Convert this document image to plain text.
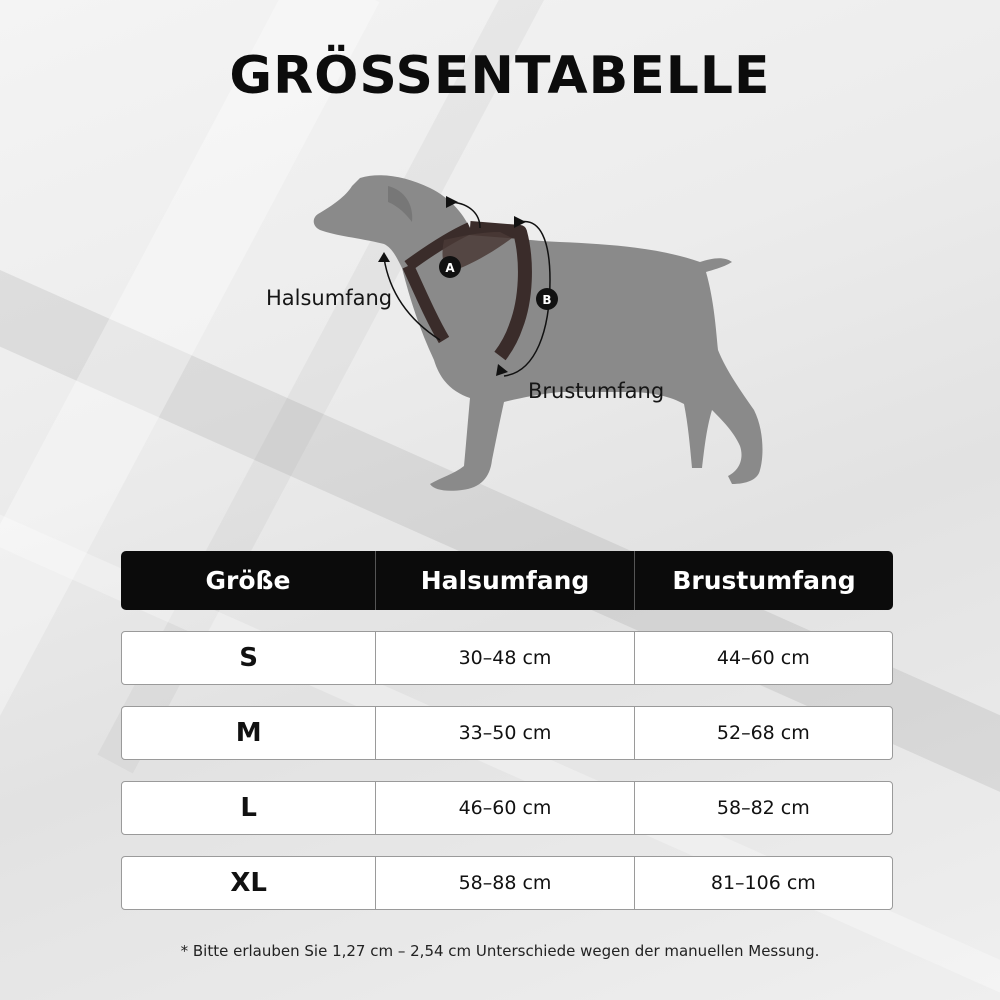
GRÖSSENTABELLE
A
B
Halsumfang
Brustumfang
Größe	Halsumfang	Brustumfang
S	30–48 cm	44–60 cm
M	33–50 cm	52–68 cm
L	46–60 cm	58–82 cm
XL	58–88 cm	81–106 cm
* Bitte erlauben Sie 1,27 cm – 2,54 cm Unterschiede wegen der manuellen Messung.
